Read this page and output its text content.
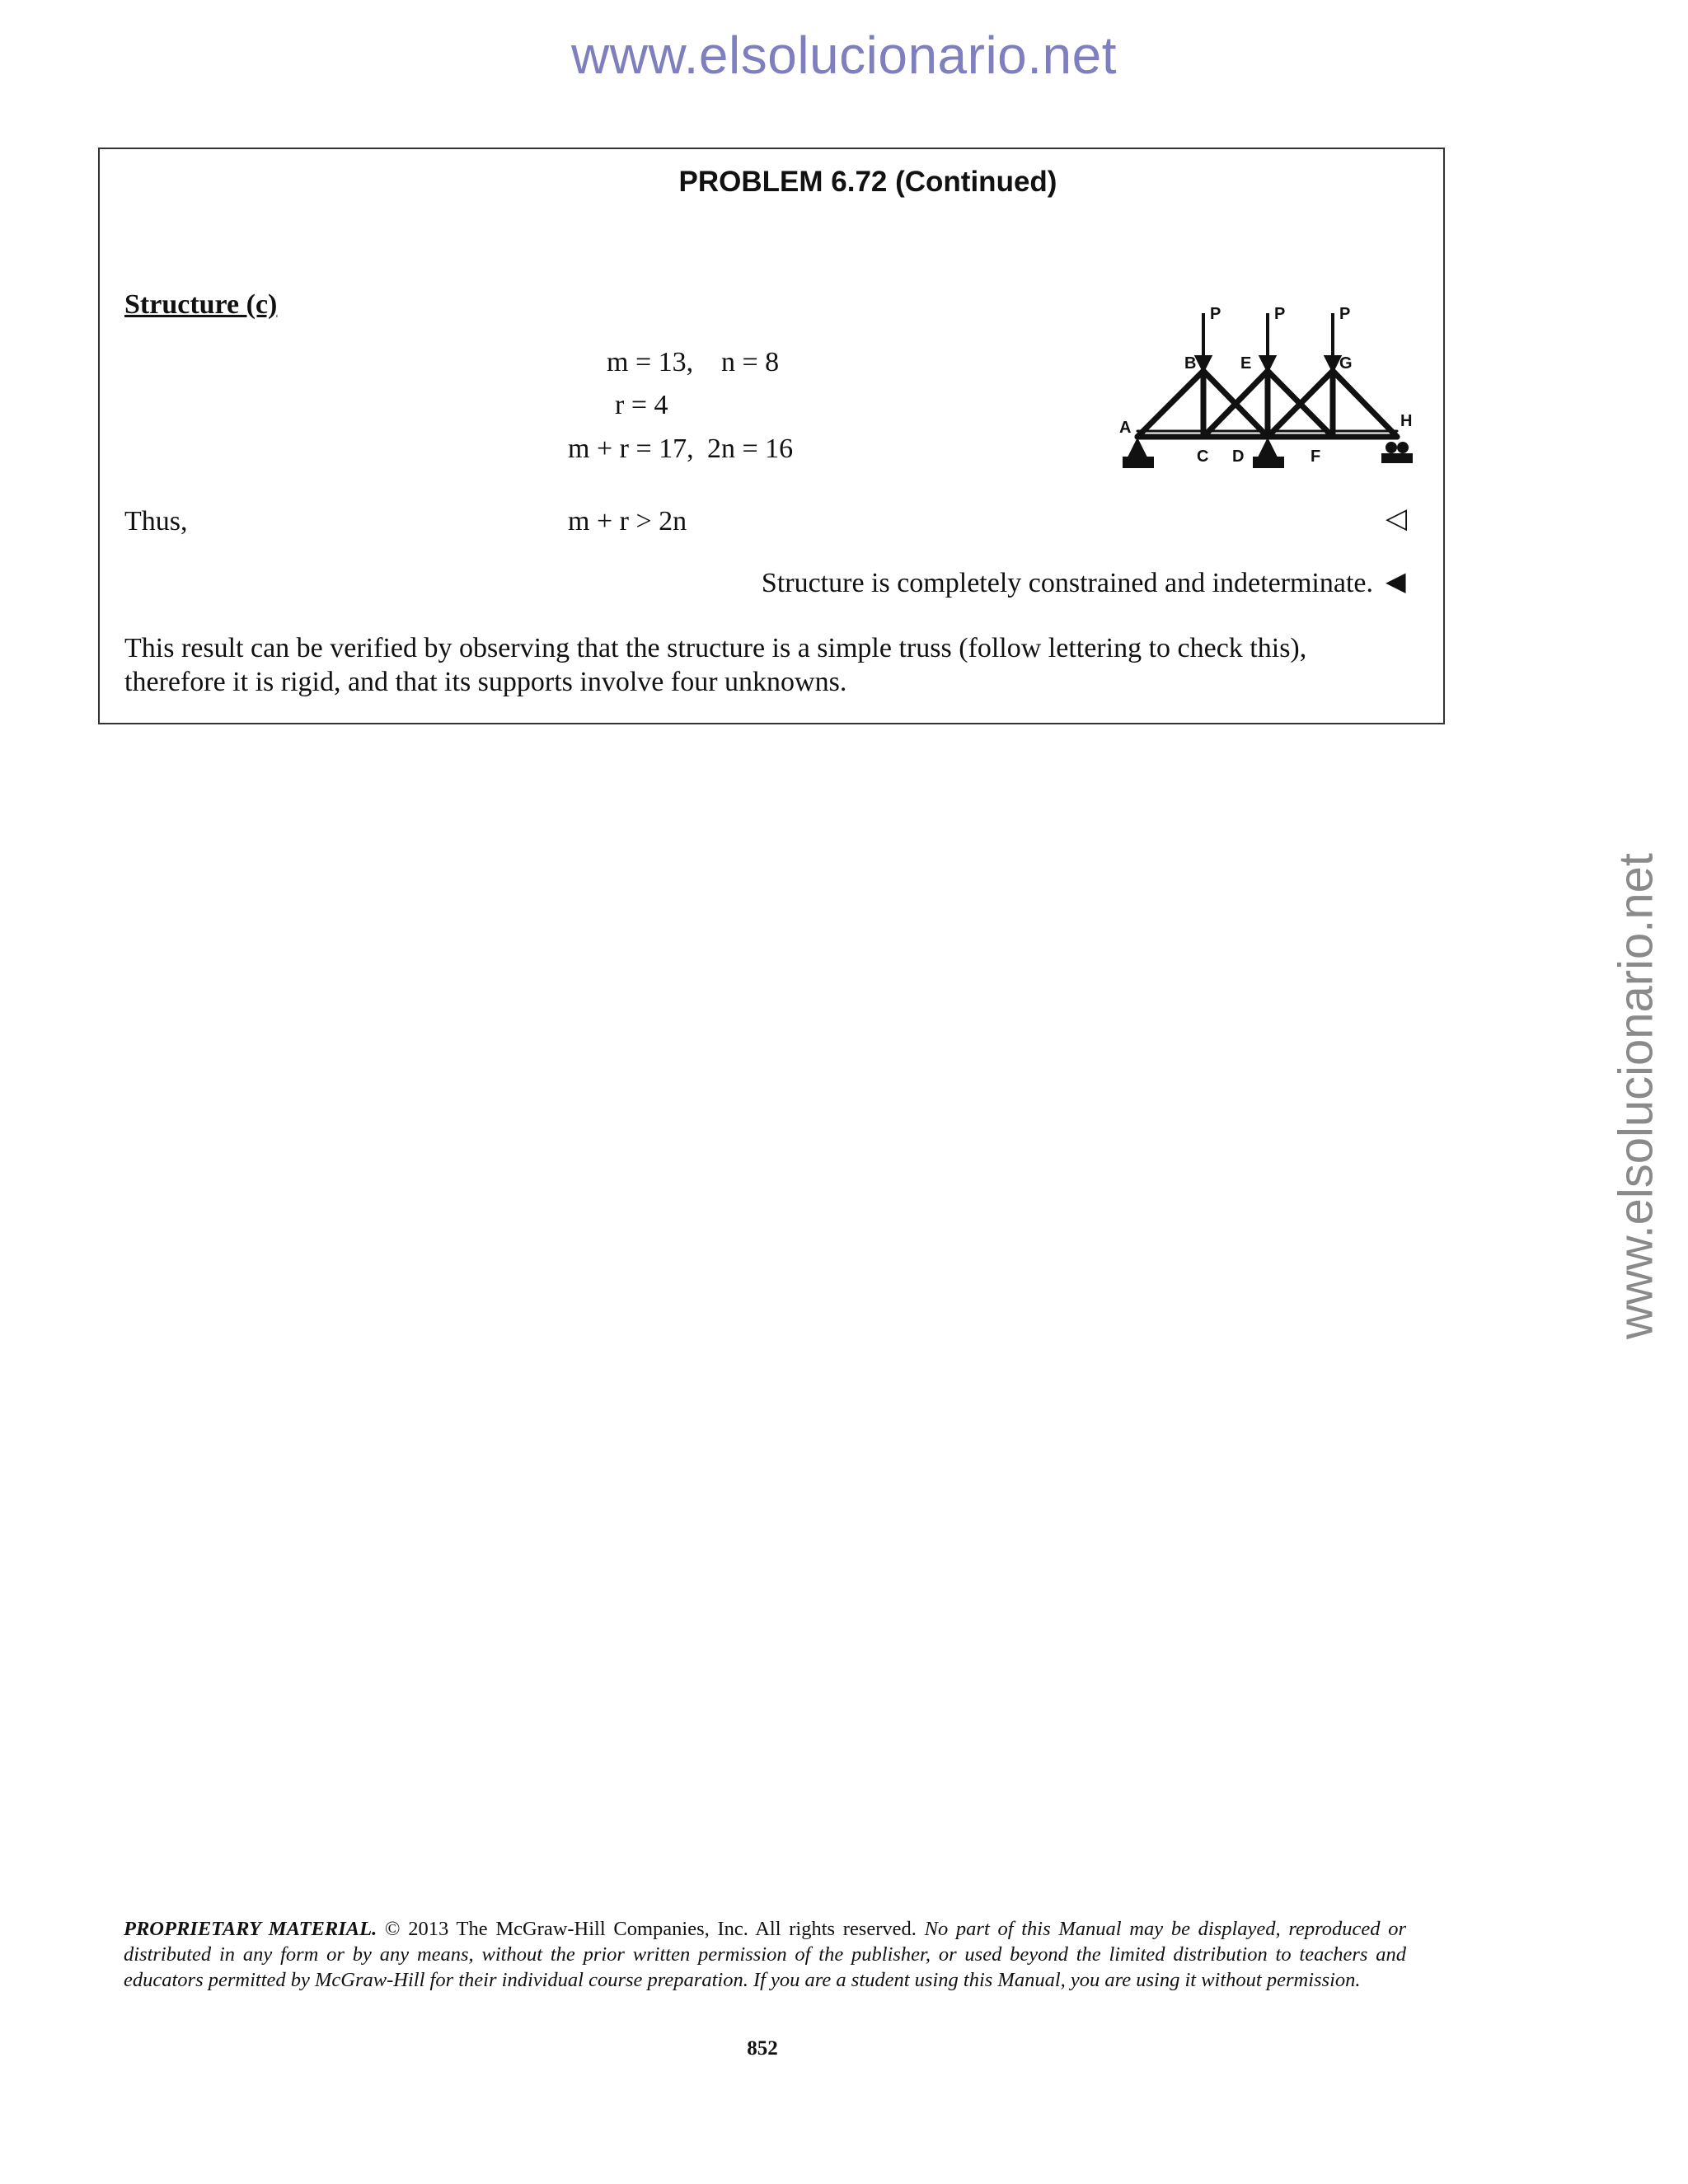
www.elsolucionario.net
www.elsolucionario.net
PROBLEM 6.72 (Continued)
Structure (c)
m = 13, n = 8
r = 4
m + r = 17, 2n = 16
Thus,	m + r > 2n	◁
Structure is completely constrained and indeterminate. ◀
This result can be verified by observing that the structure is a simple truss (follow lettering to check this), therefore it is rigid, and that its supports involve four unknowns.
P	P	P
A
B
C D
E
F
G
H
PROPRIETARY MATERIAL. © 2013 The McGraw-Hill Companies, Inc. All rights reserved. No part of this Manual may be displayed, reproduced or distributed in any form or by any means, without the prior written permission of the publisher, or used beyond the limited distribution to teachers and educators permitted by McGraw-Hill for their individual course preparation. If you are a student using this Manual, you are using it without permission.
852
